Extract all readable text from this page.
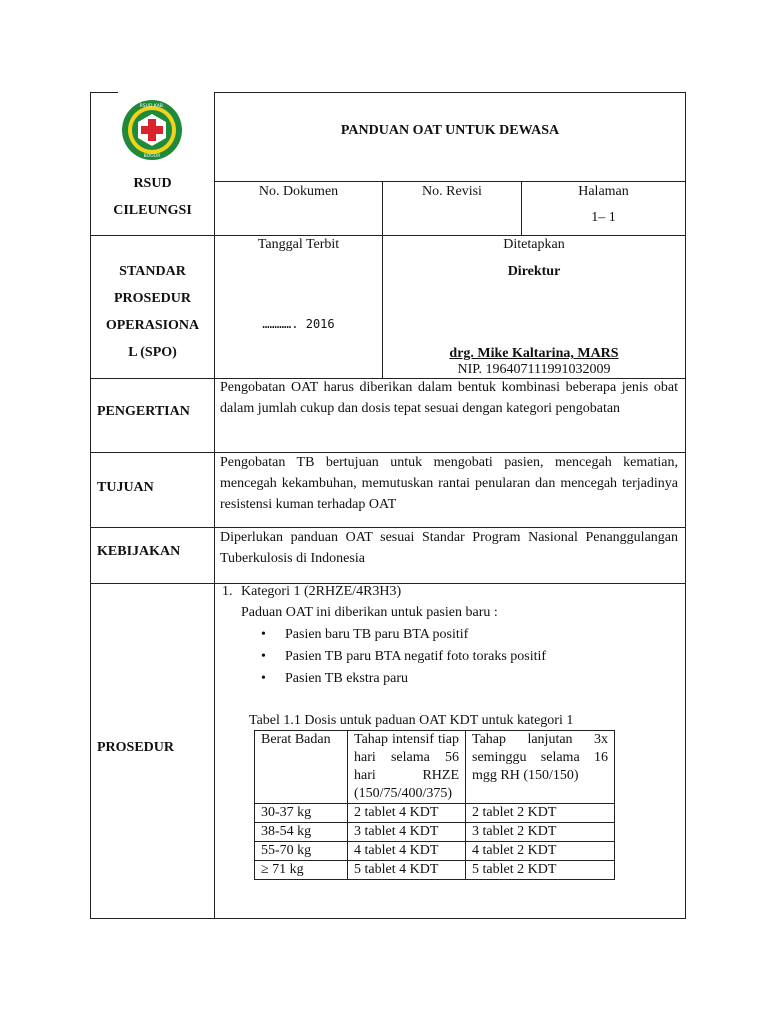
RSUD KAB.
BOGOR
RSUD
CILEUNGSI
PANDUAN OAT UNTUK DEWASA
No. Dokumen	No. Revisi	Halaman
1– 1
STANDAR
PROSEDUR
OPERASIONA
L (SPO)
Tanggal Terbit
…………. 2016
Ditetapkan
Direktur
drg. Mike Kaltarina, MARS
NIP. 196407111991032009
PENGERTIAN
Pengobatan OAT harus diberikan dalam bentuk kombinasi beberapa jenis obat dalam jumlah cukup dan dosis tepat sesuai dengan kategori pengobatan
TUJUAN
Pengobatan TB bertujuan untuk mengobati pasien, mencegah kematian, mencegah kekambuhan, memutuskan rantai penularan dan mencegah terjadinya resistensi kuman terhadap OAT
KEBIJAKAN
Diperlukan panduan OAT sesuai Standar Program Nasional Penanggulangan Tuberkulosis di Indonesia
PROSEDUR
1. Kategori 1 (2RHZE/4R3H3)
Paduan OAT ini diberikan untuk pasien baru :
• Pasien baru TB paru BTA positif
• Pasien TB paru BTA negatif foto toraks positif
• Pasien TB ekstra paru
Tabel 1.1 Dosis untuk paduan OAT KDT untuk kategori 1
Berat Badan	Tahap intensif tiap hari selama 56 hari RHZE (150/75/400/375)	Tahap lanjutan 3x seminggu selama 16 mgg RH (150/150)
30-37 kg	2 tablet 4 KDT	2 tablet 2 KDT
38-54 kg	3 tablet 4 KDT	3 tablet 2 KDT
55-70 kg	4 tablet 4 KDT	4 tablet 2 KDT
≥ 71 kg	5 tablet 4 KDT	5 tablet 2 KDT
